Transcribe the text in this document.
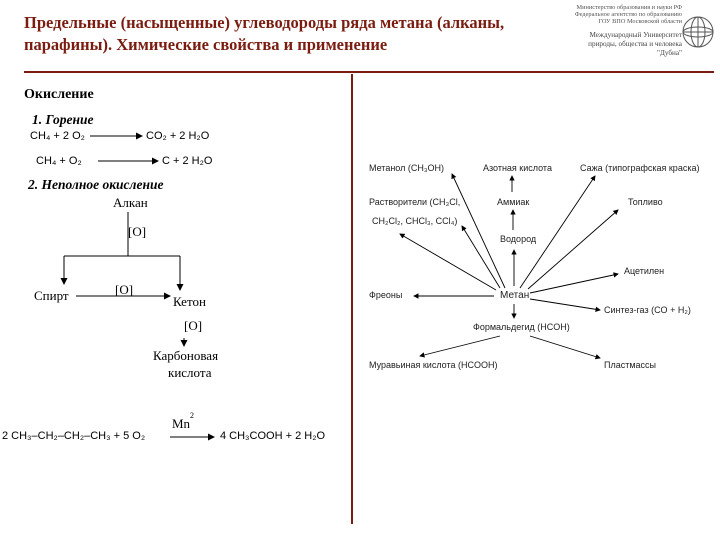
Предельные (насыщенные) углеводороды ряда метана (алканы, парафины). Химические свойства и применение
Министерство образования и науки РФ
Федеральное агентство по образованию
ГОУ ВПО Московской области
Международный Университет
природы, общества и человека
"Дубна"
Окисление
1. Горение
CH₄ + 2 O₂	CO₂ + 2 H₂O
CH₄ + O₂	C + 2 H₂O
2. Неполное окисление
Алкан
[O]
Спирт	[O]
Кетон
[O]
Карбоновая
кислота
2 CH₃–CH₂–CH₂–CH₃ + 5 O₂
Mn
2
4 CH₃COOH + 2 H₂O
Метан
Метанол (CH₃OH)	Азотная кислота	Сажа (типографская краска)
Растворители (CH₃Cl,
CH₂Cl₂, CHCl₃, CCl₄)
Аммиак	Топливо
Водород
Ацетилен
Фреоны
Синтез-газ (CO + H₂)
Формальдегид (HCOH)
Муравьиная кислота (HCOOH)	Пластмассы
